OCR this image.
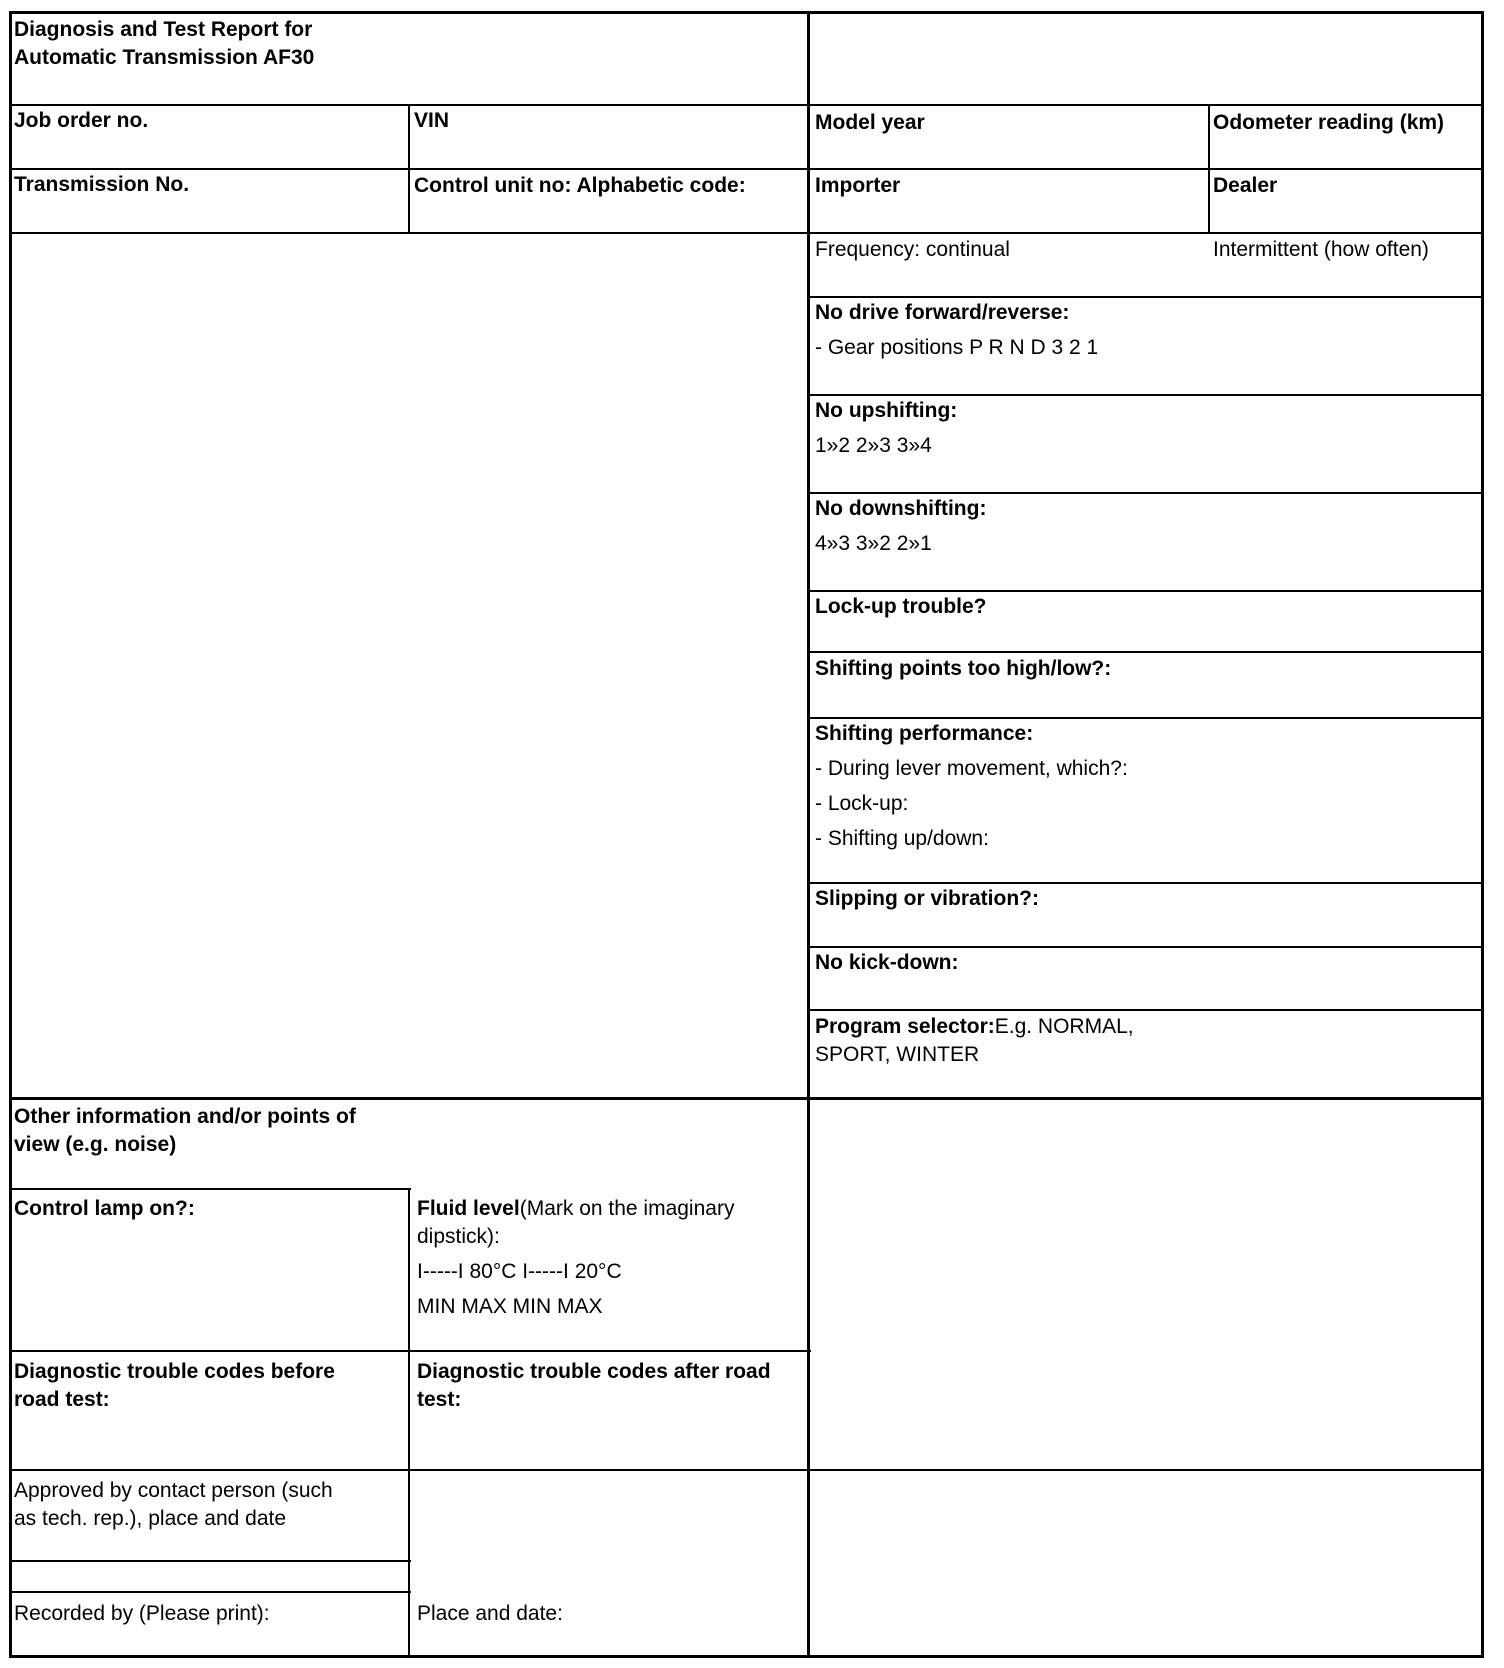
Diagnosis and Test Report for
Automatic Transmission AF30
Job order no.	VIN	Model year	Odometer reading (km)
Transmission No.	Control unit no: Alphabetic code:	Importer	Dealer
Frequency: continual	Intermittent (how often)
No drive forward/reverse:
- Gear positions P R N D 3 2 1
No upshifting:
1»2 2»3 3»4
No downshifting:
4»3 3»2 2»1
Lock-up trouble?
Shifting points too high/low?:
Shifting performance:
- During lever movement, which?:
- Lock-up:
- Shifting up/down:
Slipping or vibration?:
No kick-down:
Program selector:E.g. NORMAL,
SPORT, WINTER
Other information and/or points of
view (e.g. noise)
Control lamp on?:	Fluid level(Mark on the imaginary
dipstick):
I-----I 80°C I-----I 20°C
MIN MAX MIN MAX
Diagnostic trouble codes before
road test:
Diagnostic trouble codes after road
test:
Approved by contact person (such
as tech. rep.), place and date
Recorded by (Please print):	Place and date:
